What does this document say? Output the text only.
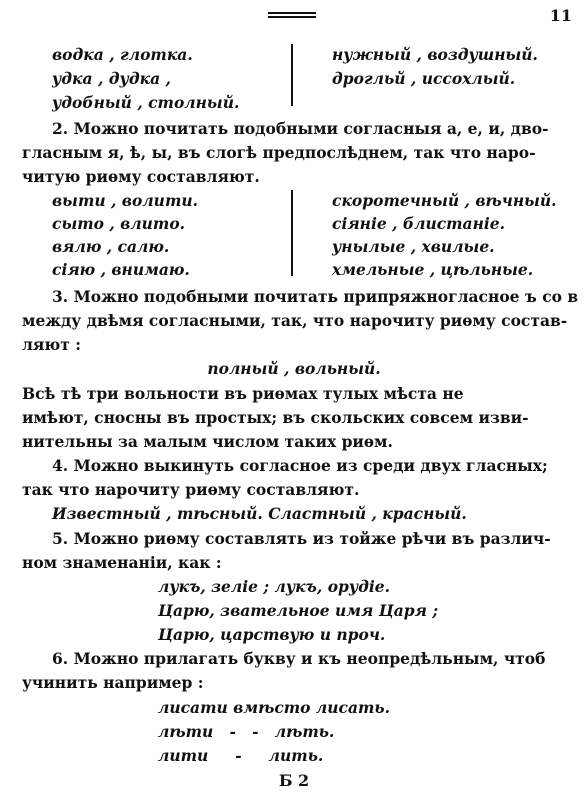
11
водка , глотка.
удка , дудка ,
удобный , столный.
нужный , воздушный.
дрогльй , иссохлый.
2. Можно почитать подобными согласныя а, е, и, дво-
гласным я, ѣ, ы, въ слогѣ предпослѣднем, так что наро-
читую риѳму составляют.
выти , волити.
сыто , влито.
вялю , салю.
сiяю , внимаю.
скоротечный , вѣчный.
сiянiе , блистанiе.
унылые , хвилые.
хмельные , цѣльные.
3. Можно подобными почитать припряжногласное ъ со в
между двѣмя согласными, так, что нарочиту риѳму состав-
ляют :
полный , вольный.
Всѣ тѣ три вольности въ риѳмах тулых мѣста не
имѣют, сносны въ простых; въ скольских совсем изви-
нительны за малым числом таких риѳм.
4. Можно выкинуть согласное из среди двух гласных;
так что нарочиту риѳму составляют.
Известный , тѣсный. Сластный , красный.
5. Можно риѳму составлять из тойже рѣчи въ различ-
ном знаменанiи, как :
лукъ, зелiе ; лукъ, орудiе.
Царю, звательное имя Царя ;
Царю, царствую и проч.
6. Можно прилагать букву и къ неопредѣльным, чтоб
учинить например :
лисати вмѣсто лисать.
лѣти   -   -   лѣть.
лити     -     лить.
Б 2
